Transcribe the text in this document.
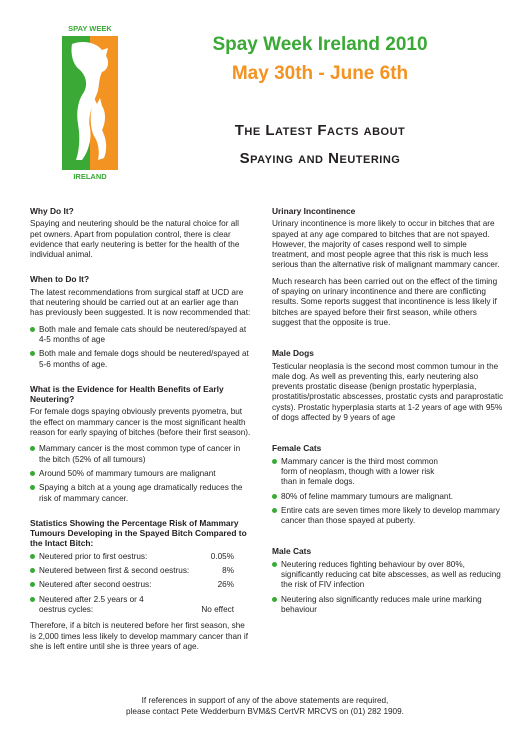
SPAY WEEK
IRELAND
Spay Week Ireland 2010
May 30th - June 6th
The Latest Facts about
Spaying and Neutering
Why Do It?

Spaying and neutering should be the natural choice for all pet owners. Apart from population control, there is clear evidence that early neutering is better for the health of the individual animal.

When to Do It?

The latest recommendations from surgical staff at UCD are that neutering should be carried out at an earlier age than has previously been suggested. It is now recommended that:

Both male and female cats should be neutered/spayed at 4-5 months of age
Both male and female dogs should be neutered/spayed at 5-6 months of age.
What is the Evidence for Health Benefits of Early Neutering?

For female dogs spaying obviously prevents pyometra, but the effect on mammary cancer is the most significant health reason for early spaying of bitches (before their first season).

Mammary cancer is the most common type of cancer in the bitch (52% of all tumours)
Around 50% of mammary tumours are malignant
Spaying a bitch at a young age dramatically reduces the risk of mammary cancer.
Statistics Showing the Percentage Risk of Mammary Tumours Developing in the Spayed Bitch Compared to the Intact Bitch:
Neutered prior to first oestrus:	0.05%
Neutered between first & second oestrus:	8%
Neutered after second oestrus:	26%
Neutered after 2.5 years or 4 oestrus cycles:	No effect

Therefore, if a bitch is neutered before her first season, she is 2,000 times less likely to develop mammary cancer than if she is left entire until she is three years of age.

Urinary Incontinence

Urinary incontinence is more likely to occur in bitches that are spayed at any age compared to bitches that are not spayed. However, the majority of cases respond well to simple treatment, and most people agree that this risk is much less serious than the alternative risk of malignant mammary cancer.

Much research has been carried out on the effect of the timing of spaying on urinary incontinence and there are conflicting results. Some reports suggest that incontinence is less likely if bitches are spayed before their first season, while others suggest that the opposite is true.

Male Dogs

Testicular neoplasia is the second most common tumour in the male dog. As well as preventing this, early neutering also prevents prostatic disease (benign prostatic hyperplasia, prostatitis/prostatic abscesses, prostatic cysts and paraprostatic cysts). Prostatic hyperplasia starts at 1-2 years of age with 95% of dogs affected by 9 years of age

Female Cats
Mammary cancer is the third most common form of neoplasm, though with a lower risk than in female dogs.
80% of feline mammary tumours are malignant.
Entire cats are seven times more likely to develop mammary cancer than those spayed at puberty.
Male Cats
Neutering reduces fighting behaviour by over 80%, significantly reducing cat bite abscesses, as well as reducing the risk of FIV infection
Neutering also significantly reduces male urine marking behaviour
If references in support of any of the above statements are required,
please contact Pete Wedderburn BVM&S CertVR MRCVS on (01) 282 1909.
